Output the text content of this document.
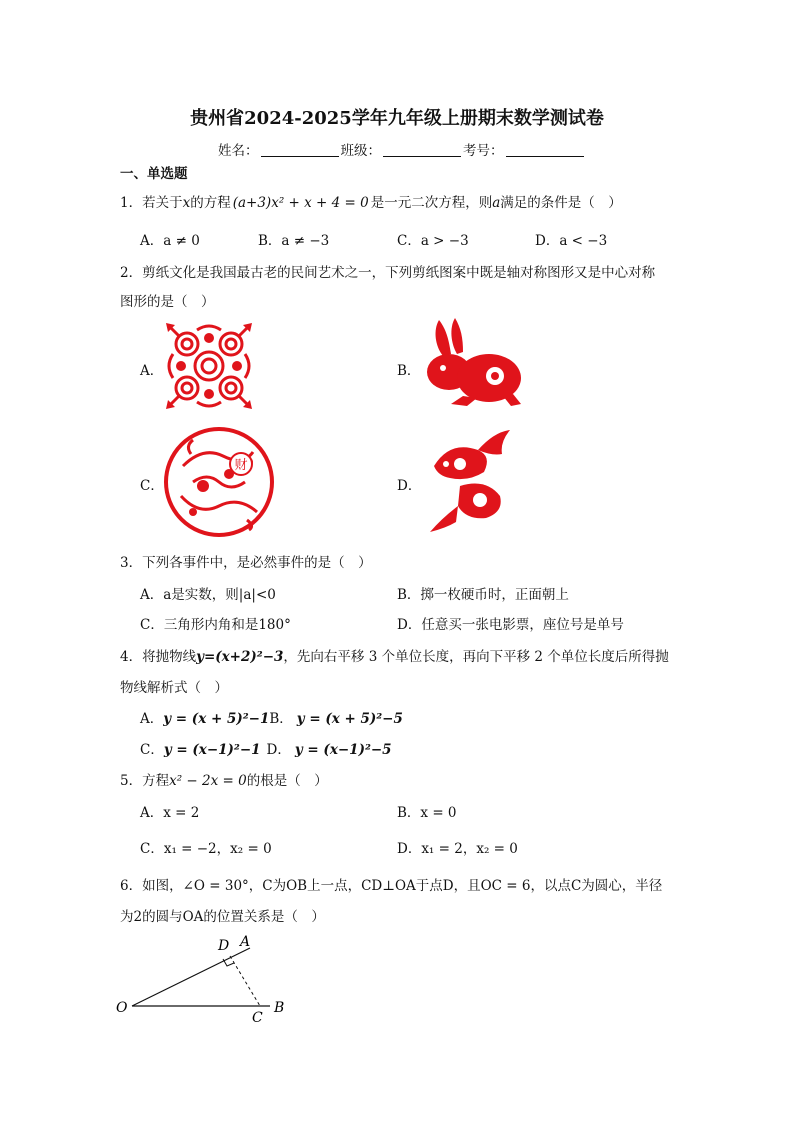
贵州省2024-2025学年九年级上册期末数学测试卷
姓名：	班级：	考号：
一、单选题
1．若关于x的方程 (a+3)x² + x + 4 = 0 是一元二次方程，则a满足的条件是（　）
A．a ≠ 0	B．a ≠ −3	C．a > −3	D．a < −3
2．剪纸文化是我国最古老的民间艺术之一，下列剪纸图案中既是轴对称图形又是中心对称
图形的是（　）
A．	B．
C．	D．
财
3．下列各事件中，是必然事件的是（　）
A．a是实数，则|a|<0	B．掷一枚硬币时，正面朝上
C．三角形内角和是180°	D．任意买一张电影票，座位号是单号
4．将抛物线y=(x+2)²−3，先向右平移 3 个单位长度，再向下平移 2 个单位长度后所得抛
物线解析式（　）
A．y = (x + 5)²−1B． y = (x + 5)²−5
C．y = (x−1)²−1 D． y = (x−1)²−5
5．方程x² − 2x = 0的根是（　）
A．x = 2	B．x = 0
C．x₁ = −2，x₂ = 0	D．x₁ = 2，x₂ = 0
6．如图，∠O = 30°，C为OB上一点，CD⊥OA于点D，且OC = 6，以点C为圆心，半径
为2的圆与OA的位置关系是（　）
O
A
B
C
D
